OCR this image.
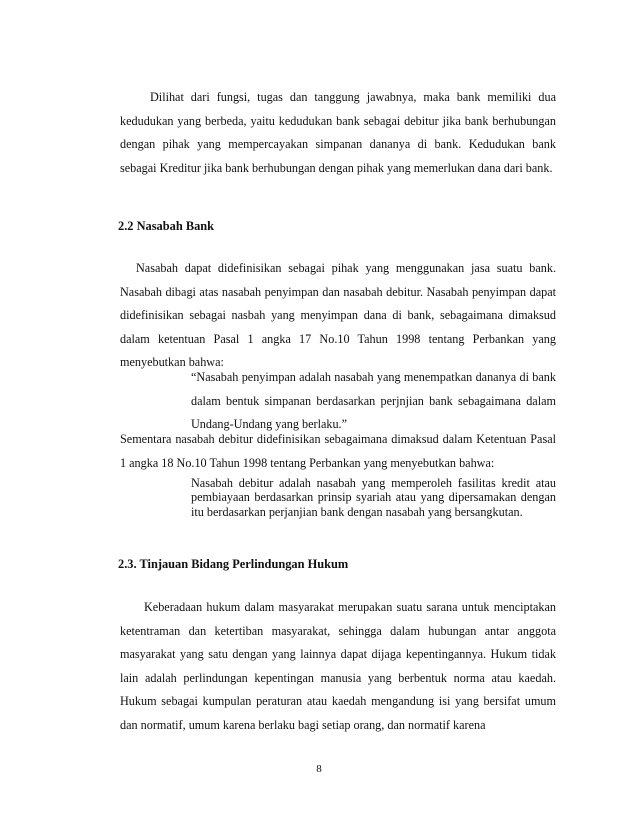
Dilihat dari fungsi, tugas dan tanggung jawabnya, maka bank memiliki dua kedudukan yang berbeda, yaitu kedudukan bank sebagai debitur jika bank berhubungan dengan pihak yang mempercayakan simpanan dananya di bank. Kedudukan bank sebagai Kreditur jika bank berhubungan dengan pihak yang memerlukan dana dari bank.

2.2 Nasabah Bank

Nasabah dapat didefinisikan sebagai pihak yang menggunakan jasa suatu bank. Nasabah dibagi atas nasabah penyimpan dan nasabah debitur. Nasabah penyimpan dapat didefinisikan sebagai nasbah yang menyimpan dana di bank, sebagaimana dimaksud dalam ketentuan Pasal 1 angka 17 No.10 Tahun 1998 tentang Perbankan yang menyebutkan bahwa:

“Nasabah penyimpan adalah nasabah yang menempatkan dananya di bank dalam bentuk simpanan berdasarkan perjnjian bank sebagaimana dalam Undang-Undang yang berlaku.”

Sementara nasabah debitur didefinisikan sebagaimana dimaksud dalam Ketentuan Pasal 1 angka 18 No.10 Tahun 1998 tentang Perbankan yang menyebutkan bahwa:

Nasabah debitur adalah nasabah yang memperoleh fasilitas kredit atau pembiayaan berdasarkan prinsip syariah atau yang dipersamakan dengan itu berdasarkan perjanjian bank dengan nasabah yang bersangkutan.

2.3. Tinjauan Bidang Perlindungan Hukum

Keberadaan hukum dalam masyarakat merupakan suatu sarana untuk menciptakan ketentraman dan ketertiban masyarakat, sehingga dalam hubungan antar anggota masyarakat yang satu dengan yang lainnya dapat dijaga kepentingannya. Hukum tidak lain adalah perlindungan kepentingan manusia yang berbentuk norma atau kaedah. Hukum sebagai kumpulan peraturan atau kaedah mengandung isi yang bersifat umum dan normatif, umum karena berlaku bagi setiap orang, dan normatif karena

8
